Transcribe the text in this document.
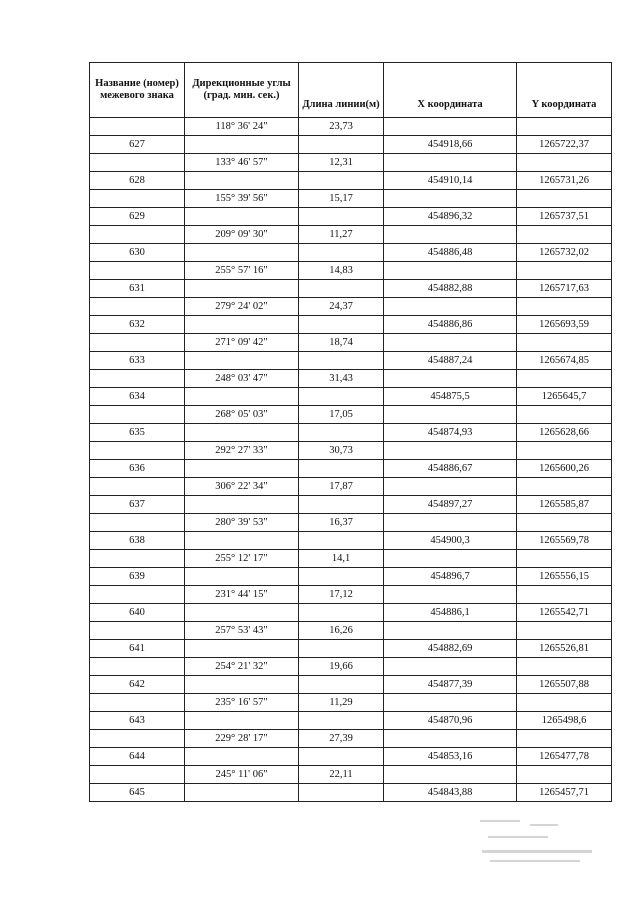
Название (номер) межевого знака	Дирекционные углы (град. мин. сек.)	Длина линии(м)	X координата	Y координата
	118° 36' 24"	23,73		
627			454918,66	1265722,37
	133° 46' 57"	12,31		
628			454910,14	1265731,26
	155° 39' 56"	15,17		
629			454896,32	1265737,51
	209° 09' 30"	11,27		
630			454886,48	1265732,02
	255° 57' 16"	14,83		
631			454882,88	1265717,63
	279° 24' 02"	24,37		
632			454886,86	1265693,59
	271° 09' 42"	18,74		
633			454887,24	1265674,85
	248° 03' 47"	31,43		
634			454875,5	1265645,7
	268° 05' 03"	17,05		
635			454874,93	1265628,66
	292° 27' 33"	30,73		
636			454886,67	1265600,26
	306° 22' 34"	17,87		
637			454897,27	1265585,87
	280° 39' 53"	16,37		
638			454900,3	1265569,78
	255° 12' 17"	14,1		
639			454896,7	1265556,15
	231° 44' 15"	17,12		
640			454886,1	1265542,71
	257° 53' 43"	16,26		
641			454882,69	1265526,81
	254° 21' 32"	19,66		
642			454877,39	1265507,88
	235° 16' 57"	11,29		
643			454870,96	1265498,6
	229° 28' 17"	27,39		
644			454853,16	1265477,78
	245° 11' 06"	22,11		
645			454843,88	1265457,71
